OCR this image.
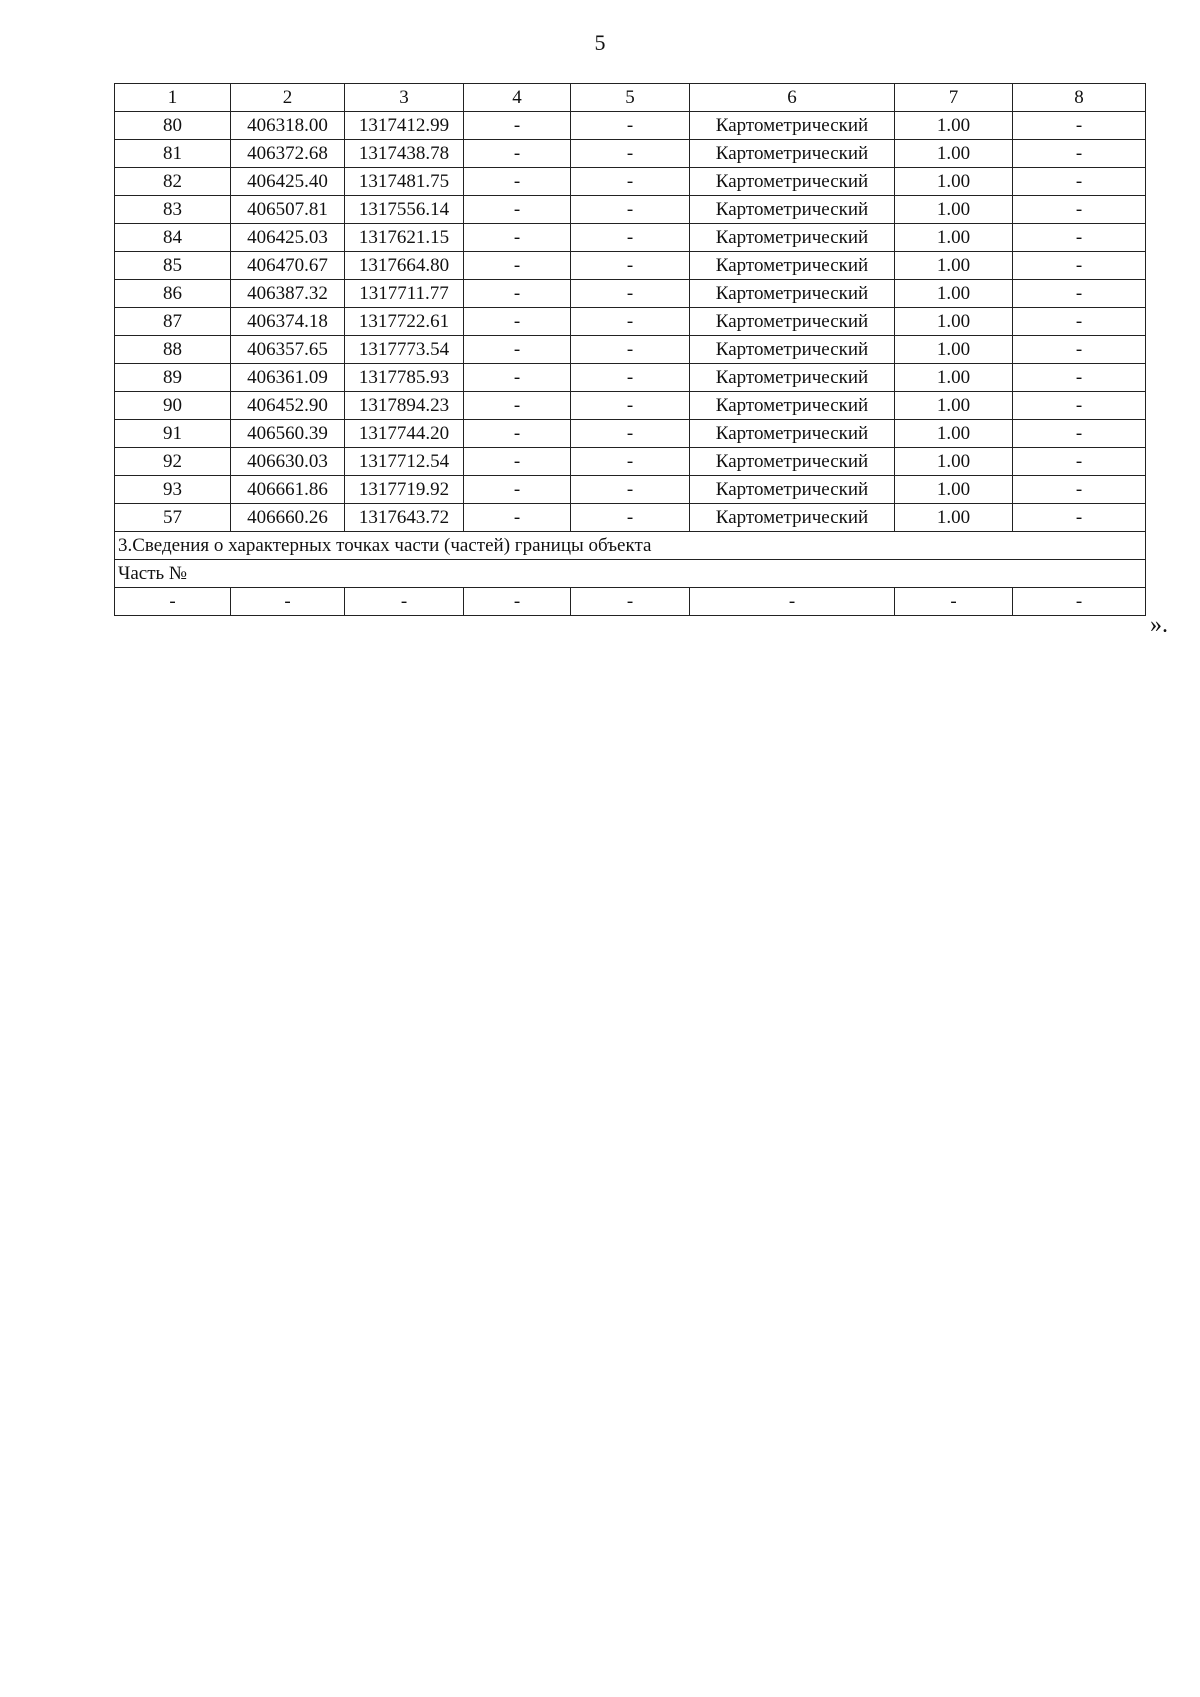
5
1	2	3	4	5	6	7	8
80	406318.00	1317412.99	-	-	Картометрический	1.00	-
81	406372.68	1317438.78	-	-	Картометрический	1.00	-
82	406425.40	1317481.75	-	-	Картометрический	1.00	-
83	406507.81	1317556.14	-	-	Картометрический	1.00	-
84	406425.03	1317621.15	-	-	Картометрический	1.00	-
85	406470.67	1317664.80	-	-	Картометрический	1.00	-
86	406387.32	1317711.77	-	-	Картометрический	1.00	-
87	406374.18	1317722.61	-	-	Картометрический	1.00	-
88	406357.65	1317773.54	-	-	Картометрический	1.00	-
89	406361.09	1317785.93	-	-	Картометрический	1.00	-
90	406452.90	1317894.23	-	-	Картометрический	1.00	-
91	406560.39	1317744.20	-	-	Картометрический	1.00	-
92	406630.03	1317712.54	-	-	Картометрический	1.00	-
93	406661.86	1317719.92	-	-	Картометрический	1.00	-
57	406660.26	1317643.72	-	-	Картометрический	1.00	-
3.Сведения о характерных точках части (частей) границы объекта							
Часть №							
-	-	-	-	-	-	-	-
».
